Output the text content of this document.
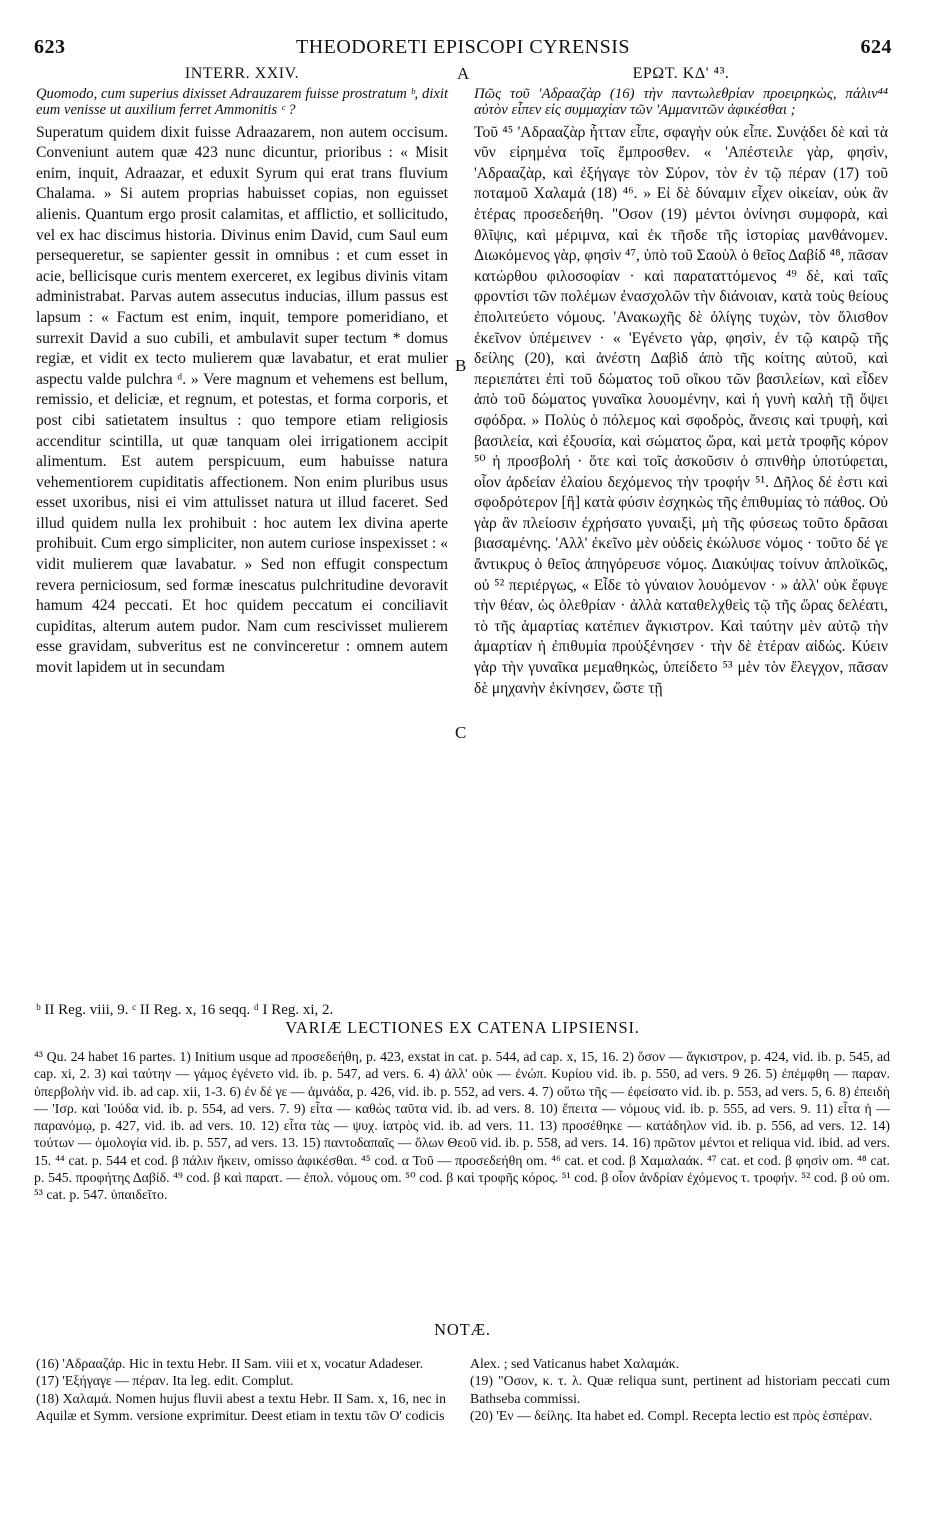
623	THEODORETI EPISCOPI CYRENSIS	624
A
B
C
INTERR. XXIV.

Quomodo, cum superius dixisset Adrauzarem fuisse prostratum ᵇ, dixit eum venisse ut auxilium ferret Ammonitis ᶜ ?

Superatum quidem dixit fuisse Adraazarem, non autem occisum. Conveniunt autem quæ 423 nunc dicuntur, prioribus : « Misit enim, inquit, Adraazar, et eduxit Syrum qui erat trans fluvium Chalama. » Si autem proprias habuisset copias, non eguisset alienis. Quantum ergo prosit calamitas, et afflictio, et sollicitudo, vel ex hac discimus historia. Divinus enim David, cum Saul eum persequeretur, se sapienter gessit in omnibus : et cum esset in acie, bellicisque curis mentem exerceret, ex legibus divinis vitam administrabat. Parvas autem assecutus inducias, illum passus est lapsum : « Factum est enim, inquit, tempore pomeridiano, et surrexit David a suo cubili, et ambulavit super tectum * domus regiæ, et vidit ex tecto mulierem quæ lavabatur, et erat mulier aspectu valde pulchra ᵈ. » Vere magnum et vehemens est bellum, remissio, et deliciæ, et regnum, et potestas, et forma corporis, et post cibi satietatem insultus : quo tempore etiam religiosis accenditur scintilla, ut quæ tanquam olei irrigationem accipit alimentum. Est autem perspicuum, eum habuisse natura vehementiorem cupiditatis affectionem. Non enim pluribus usus esset uxoribus, nisi ei vim attulisset natura ut illud faceret. Sed illud quidem nulla lex prohibuit : hoc autem lex divina aperte prohibuit. Cum ergo simpliciter, non autem curiose inspexisset : « vidit mulierem quæ lavabatur. » Sed non effugit conspectum revera perniciosum, sed formæ inescatus pulchritudine devoravit hamum 424 peccati. Et hoc quidem peccatum ei conciliavit cupiditas, alterum autem pudor. Nam cum rescivisset mulierem esse gravidam, subveritus est ne convinceretur : omnem autem movit lapidem ut in secundam

ΕΡΩΤ. ΚΔ' ⁴³.

Πῶς τοῦ 'Αδρααζὰρ (16) τὴν παντωλεθρίαν προειρηκὼς, πάλιν⁴⁴ αὐτὸν εἶπεν εἰς συμμαχίαν τῶν 'Αμμανιτῶν ἀφικέσθαι ;

Τοῦ ⁴⁵ 'Αδρααζὰρ ἧτταν εἶπε, σφαγὴν οὐκ εἶπε. Συνᾴδει δὲ καὶ τὰ νῦν εἰρημένα τοῖς ἔμπροσθεν. « 'Απέστειλε γὰρ, φησὶν, 'Αδρααζὰρ, καὶ ἐξήγαγε τὸν Σύρον, τὸν ἐν τῷ πέραν (17) τοῦ ποταμοῦ Χαλαμά (18) ⁴⁶. » Εἰ δὲ δύναμιν εἶχεν οἰκείαν, οὐκ ἂν ἑτέρας προσεδεήθη. "Οσον (19) μέντοι ὀνίνησι συμφορὰ, καὶ θλῖψις, καὶ μέριμνα, καὶ ἐκ τῆσδε τῆς ἱστορίας μανθάνομεν. Διωκόμενος γὰρ, φησὶν ⁴⁷, ὑπὸ τοῦ Σαοὺλ ὁ θεῖος Δαβίδ ⁴⁸, πᾶσαν κατώρθου φιλοσοφίαν · καὶ παραταττόμενος ⁴⁹ δὲ, καὶ ταῖς φροντίσι τῶν πολέμων ἐνασχολῶν τὴν διάνοιαν, κατὰ τοὺς θείους ἐπολιτεύετο νόμους. 'Ανακωχῆς δὲ ὀλίγης τυχὼν, τὸν ὄλισθον ἐκεῖνον ὑπέμεινεν · « 'Εγένετο γὰρ, φησὶν, ἐν τῷ καιρῷ τῆς δείλης (20), καὶ ἀνέστη Δαβὶδ ἀπὸ τῆς κοίτης αὐτοῦ, καὶ περιεπάτει ἐπὶ τοῦ δώματος τοῦ οἴκου τῶν βασιλείων, καὶ εἶδεν ἀπὸ τοῦ δώματος γυναῖκα λουομένην, καὶ ἡ γυνὴ καλὴ τῇ ὄψει σφόδρα. » Πολὺς ὁ πόλεμος καὶ σφοδρὸς, ἄνεσις καὶ τρυφὴ, καὶ βασιλεία, καὶ ἐξουσία, καὶ σώματος ὥρα, καὶ μετὰ τροφῆς κόρον ⁵⁰ ἡ προσβολή · ὅτε καὶ τοῖς ἀσκοῦσιν ὁ σπινθὴρ ὑποτύφεται, οἷον ἀρδείαν ἐλαίου δεχόμενος τὴν τροφήν ⁵¹. Δῆλος δέ ἐστι καὶ σφοδρότερον [ἢ] κατὰ φύσιν ἐσχηκὼς τῆς ἐπιθυμίας τὸ πάθος. Οὐ γὰρ ἂν πλείοσιν ἐχρήσατο γυναιξὶ, μὴ τῆς φύσεως τοῦτο δρᾶσαι βιασαμένης. 'Αλλ' ἐκεῖνο μὲν οὐδεὶς ἐκώλυσε νόμος · τοῦτο δέ γε ἄντικρυς ὁ θεῖος ἀπηγόρευσε νόμος. Διακύψας τοίνυν ἁπλοϊκῶς, οὐ ⁵² περιέργως, « Εἶδε τὸ γύναιον λουόμενον · » ἀλλ' οὐκ ἔφυγε τὴν θέαν, ὡς ὀλεθρίαν · ἀλλὰ καταθελχθεὶς τῷ τῆς ὥρας δελέατι, τὸ τῆς ἁμαρτίας κατέπιεν ἄγκιστρον. Καὶ ταύτην μὲν αὐτῷ τὴν ἁμαρτίαν ἡ ἐπιθυμία προὐξένησεν · τὴν δὲ ἑτέραν αἰδώς. Κύειν γὰρ τὴν γυναῖκα μεμαθηκὼς, ὑπείδετο ⁵³ μὲν τὸν ἔλεγχον, πᾶσαν δὲ μηχανὴν ἐκίνησεν, ὥστε τῇ

ᵇ II Reg. viii, 9. ᶜ II Reg. x, 16 seqq. ᵈ I Reg. xi, 2.
VARIÆ LECTIONES EX CATENA LIPSIENSI.
⁴³ Qu. 24 habet 16 partes. 1) Initium usque ad προσεδεήθη, p. 423, exstat in cat. p. 544, ad cap. x, 15, 16. 2) ὅσον — ἄγκιστρον, p. 424, vid. ib. p. 545, ad cap. xi, 2. 3) καὶ ταύτην — γάμος ἐγένετο vid. ib. p. 547, ad vers. 6. 4) ἀλλ' οὐκ — ἐνώπ. Κυρίου vid. ib. p. 550, ad vers. 9 26. 5) ἐπέμφθη — παραν. ὑπερβολὴν vid. ib. ad cap. xii, 1-3. 6) ἐν δέ γε — ἀμνάδα, p. 426, vid. ib. p. 552, ad vers. 4. 7) οὕτω τῆς — ἐφείσατο vid. ib. p. 553, ad vers. 5, 6. 8) ἐπειδὴ — 'Ισρ. καὶ 'Ιούδα vid. ib. p. 554, ad vers. 7. 9) εἶτα — καθὼς ταῦτα vid. ib. ad vers. 8. 10) ἔπειτα — νόμους vid. ib. p. 555, ad vers. 9. 11) εἶτα ἡ — παρανόμῳ, p. 427, vid. ib. ad vers. 10. 12) εἶτα τὰς — ψυχ. ἰατρὸς vid. ib. ad vers. 11. 13) προσέθηκε — κατάδηλον vid. ib. p. 556, ad vers. 12. 14) τούτων — ὁμολογία vid. ib. p. 557, ad vers. 13. 15) παντοδαπαῖς — ὅλων Θεοῦ vid. ib. p. 558, ad vers. 14. 16) πρῶτον μέντοι et reliqua vid. ibid. ad vers. 15. ⁴⁴ cat. p. 544 et cod. β πάλιν ἥκειν, omisso ἀφικέσθαι. ⁴⁵ cod. α Τοῦ — προσεδεήθη om. ⁴⁶ cat. et cod. β Χαμαλαάκ. ⁴⁷ cat. et cod. β φησὶν om. ⁴⁸ cat. p. 545. προφήτης Δαβίδ. ⁴⁹ cod. β καὶ παρατ. — ἐπολ. νόμους om. ⁵⁰ cod. β καὶ τροφῆς κόρος. ⁵¹ cod. β οἷον ἀνδρίαν ἐχόμενος τ. τροφήν. ⁵² cod. β οὐ om. ⁵³ cat. p. 547. ὑπαιδεῖτο.
NOTÆ.

(16) 'Αδρααζάρ. Hic in textu Hebr. II Sam. viii et x, vocatur Adadeser.

(17) 'Εξήγαγε — πέραν. Ita leg. edit. Complut.

(18) Χαλαμά. Nomen hujus fluvii abest a textu Hebr. II Sam. x, 16, nec in Aquilæ et Symm. versione exprimitur. Deest etiam in textu τῶν Ο' codicis

Alex. ; sed Vaticanus habet Χαλαμάκ.

(19) "Οσον, κ. τ. λ. Quæ reliqua sunt, pertinent ad historiam peccati cum Bathseba commissi.

(20) 'Εν — δείλης. Ita habet ed. Compl. Recepta lectio est πρὸς ἑσπέραν.
